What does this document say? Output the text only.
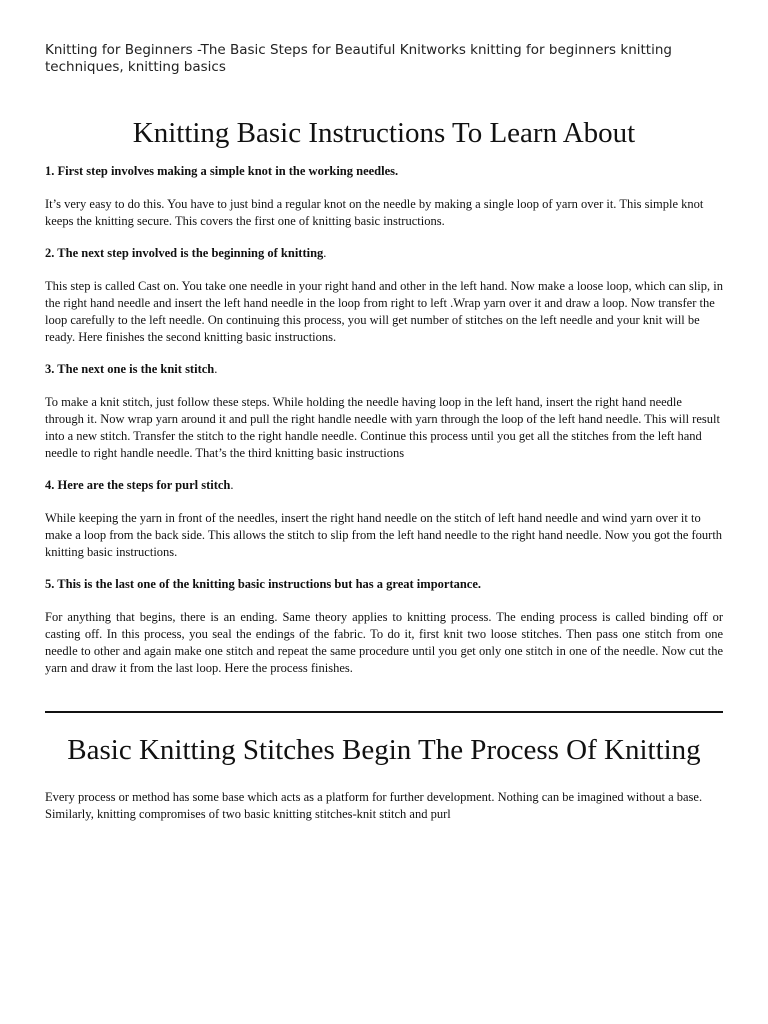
Knitting for Beginners -The Basic Steps for Beautiful Knitworks knitting for beginners knitting techniques, knitting basics

Knitting Basic Instructions To Learn About

1. First step involves making a simple knot in the working needles.

It’s very easy to do this. You have to just bind a regular knot on the needle by making a single loop of yarn over it. This simple knot keeps the knitting secure. This covers the first one of knitting basic instructions.

2. The next step involved is the beginning of knitting.

This step is called Cast on. You take one needle in your right hand and other in the left hand. Now make a loose loop, which can slip, in the right hand needle and insert the left hand needle in the loop from right to left .Wrap yarn over it and draw a loop. Now transfer the loop carefully to the left needle. On continuing this process, you will get number of stitches on the left needle and your knit will be ready. Here finishes the second knitting basic instructions.

3. The next one is the knit stitch.

To make a knit stitch, just follow these steps. While holding the needle having loop in the left hand, insert the right hand needle through it. Now wrap yarn around it and pull the right handle needle with yarn through the loop of the left hand needle. This will result into a new stitch. Transfer the stitch to the right handle needle. Continue this process until you get all the stitches from the left hand needle to right handle needle. That’s the third knitting basic instructions

4. Here are the steps for purl stitch.

While keeping the yarn in front of the needles, insert the right hand needle on the stitch of left hand needle and wind yarn over it to make a loop from the back side. This allows the stitch to slip from the left hand needle to the right hand needle. Now you got the fourth knitting basic instructions.

5. This is the last one of the knitting basic instructions but has a great importance.

For anything that begins, there is an ending. Same theory applies to knitting process. The ending process is called binding off or casting off. In this process, you seal the endings of the fabric. To do it, first knit two loose stitches. Then pass one stitch from one needle to other and again make one stitch and repeat the same procedure until you get only one stitch in one of the needle. Now cut the yarn and draw it from the last loop. Here the process finishes.

Basic Knitting Stitches Begin The Process Of Knitting

Every process or method has some base which acts as a platform for further development. Nothing can be imagined without a base. Similarly, knitting compromises of two basic knitting stitches-knit stitch and purl
